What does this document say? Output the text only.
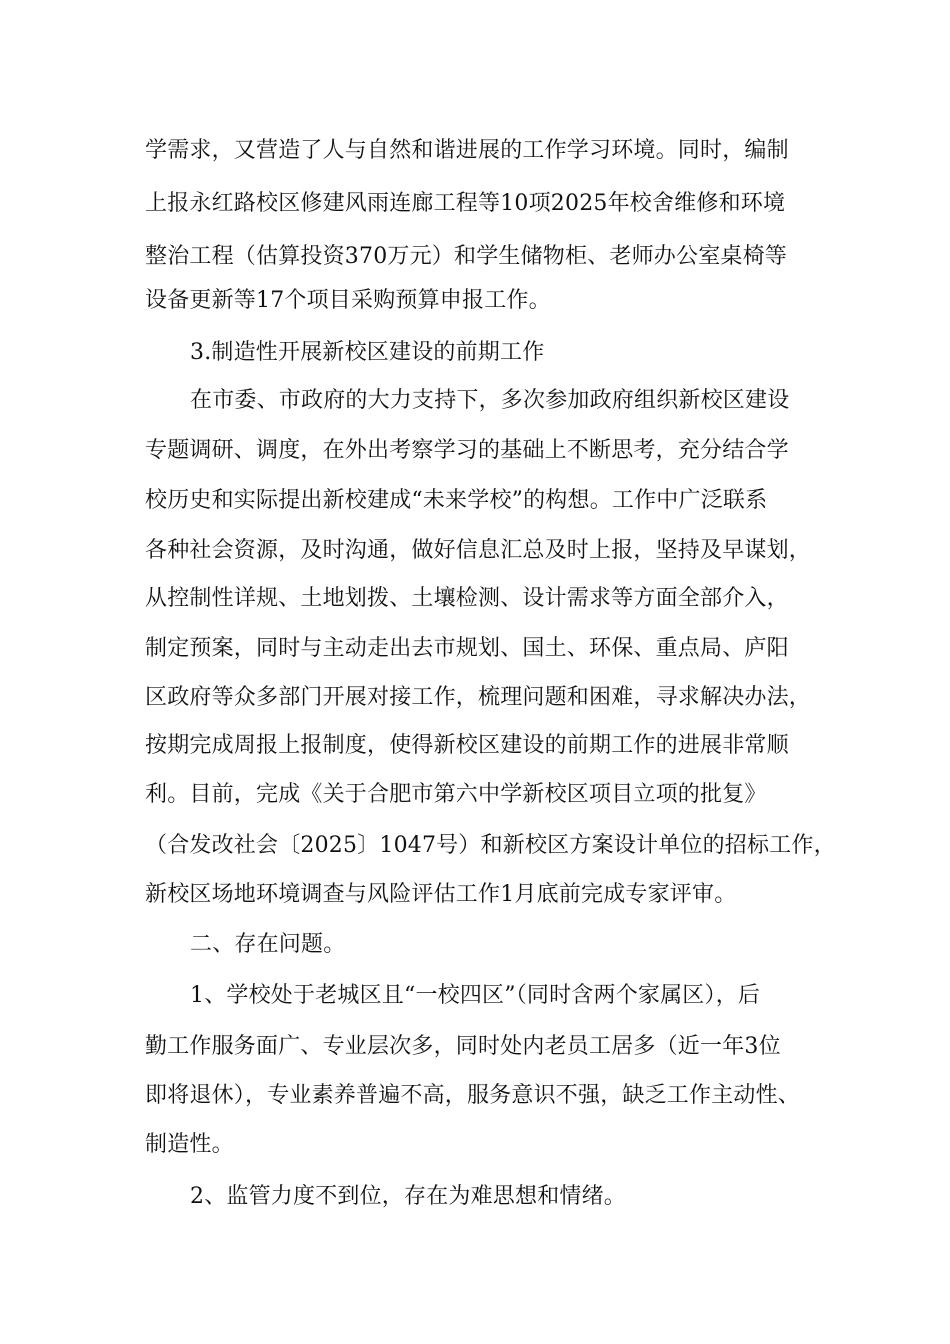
学需求，又营造了人与自然和谐进展的工作学习环境。同时，编制
上报永红路校区修建风雨连廊工程等10项2025年校舍维修和环境
整治工程（估算投资370万元）和学生储物柜、老师办公室桌椅等
设备更新等17个项目采购预算申报工作。
3.制造性开展新校区建设的前期工作
在市委、市政府的大力支持下，多次参加政府组织新校区建设
专题调研、调度，在外出考察学习的基础上不断思考，充分结合学
校历史和实际提出新校建成“未来学校”的构想。工作中广泛联系
各种社会资源，及时沟通，做好信息汇总及时上报，坚持及早谋划，
从控制性详规、土地划拨、土壤检测、设计需求等方面全部介入，
制定预案，同时与主动走出去市规划、国土、环保、重点局、庐阳
区政府等众多部门开展对接工作，梳理问题和困难，寻求解决办法，
按期完成周报上报制度，使得新校区建设的前期工作的进展非常顺
利。目前，完成《关于合肥市第六中学新校区项目立项的批复》
（合发改社会〔2025〕1047号）和新校区方案设计单位的招标工作，
新校区场地环境调查与风险评估工作1月底前完成专家评审。
二、存在问题。
1、学校处于老城区且“一校四区”（同时含两个家属区），后
勤工作服务面广、专业层次多，同时处内老员工居多（近一年3位
即将退休），专业素养普遍不高，服务意识不强，缺乏工作主动性、
制造性。
2、监管力度不到位，存在为难思想和情绪。
